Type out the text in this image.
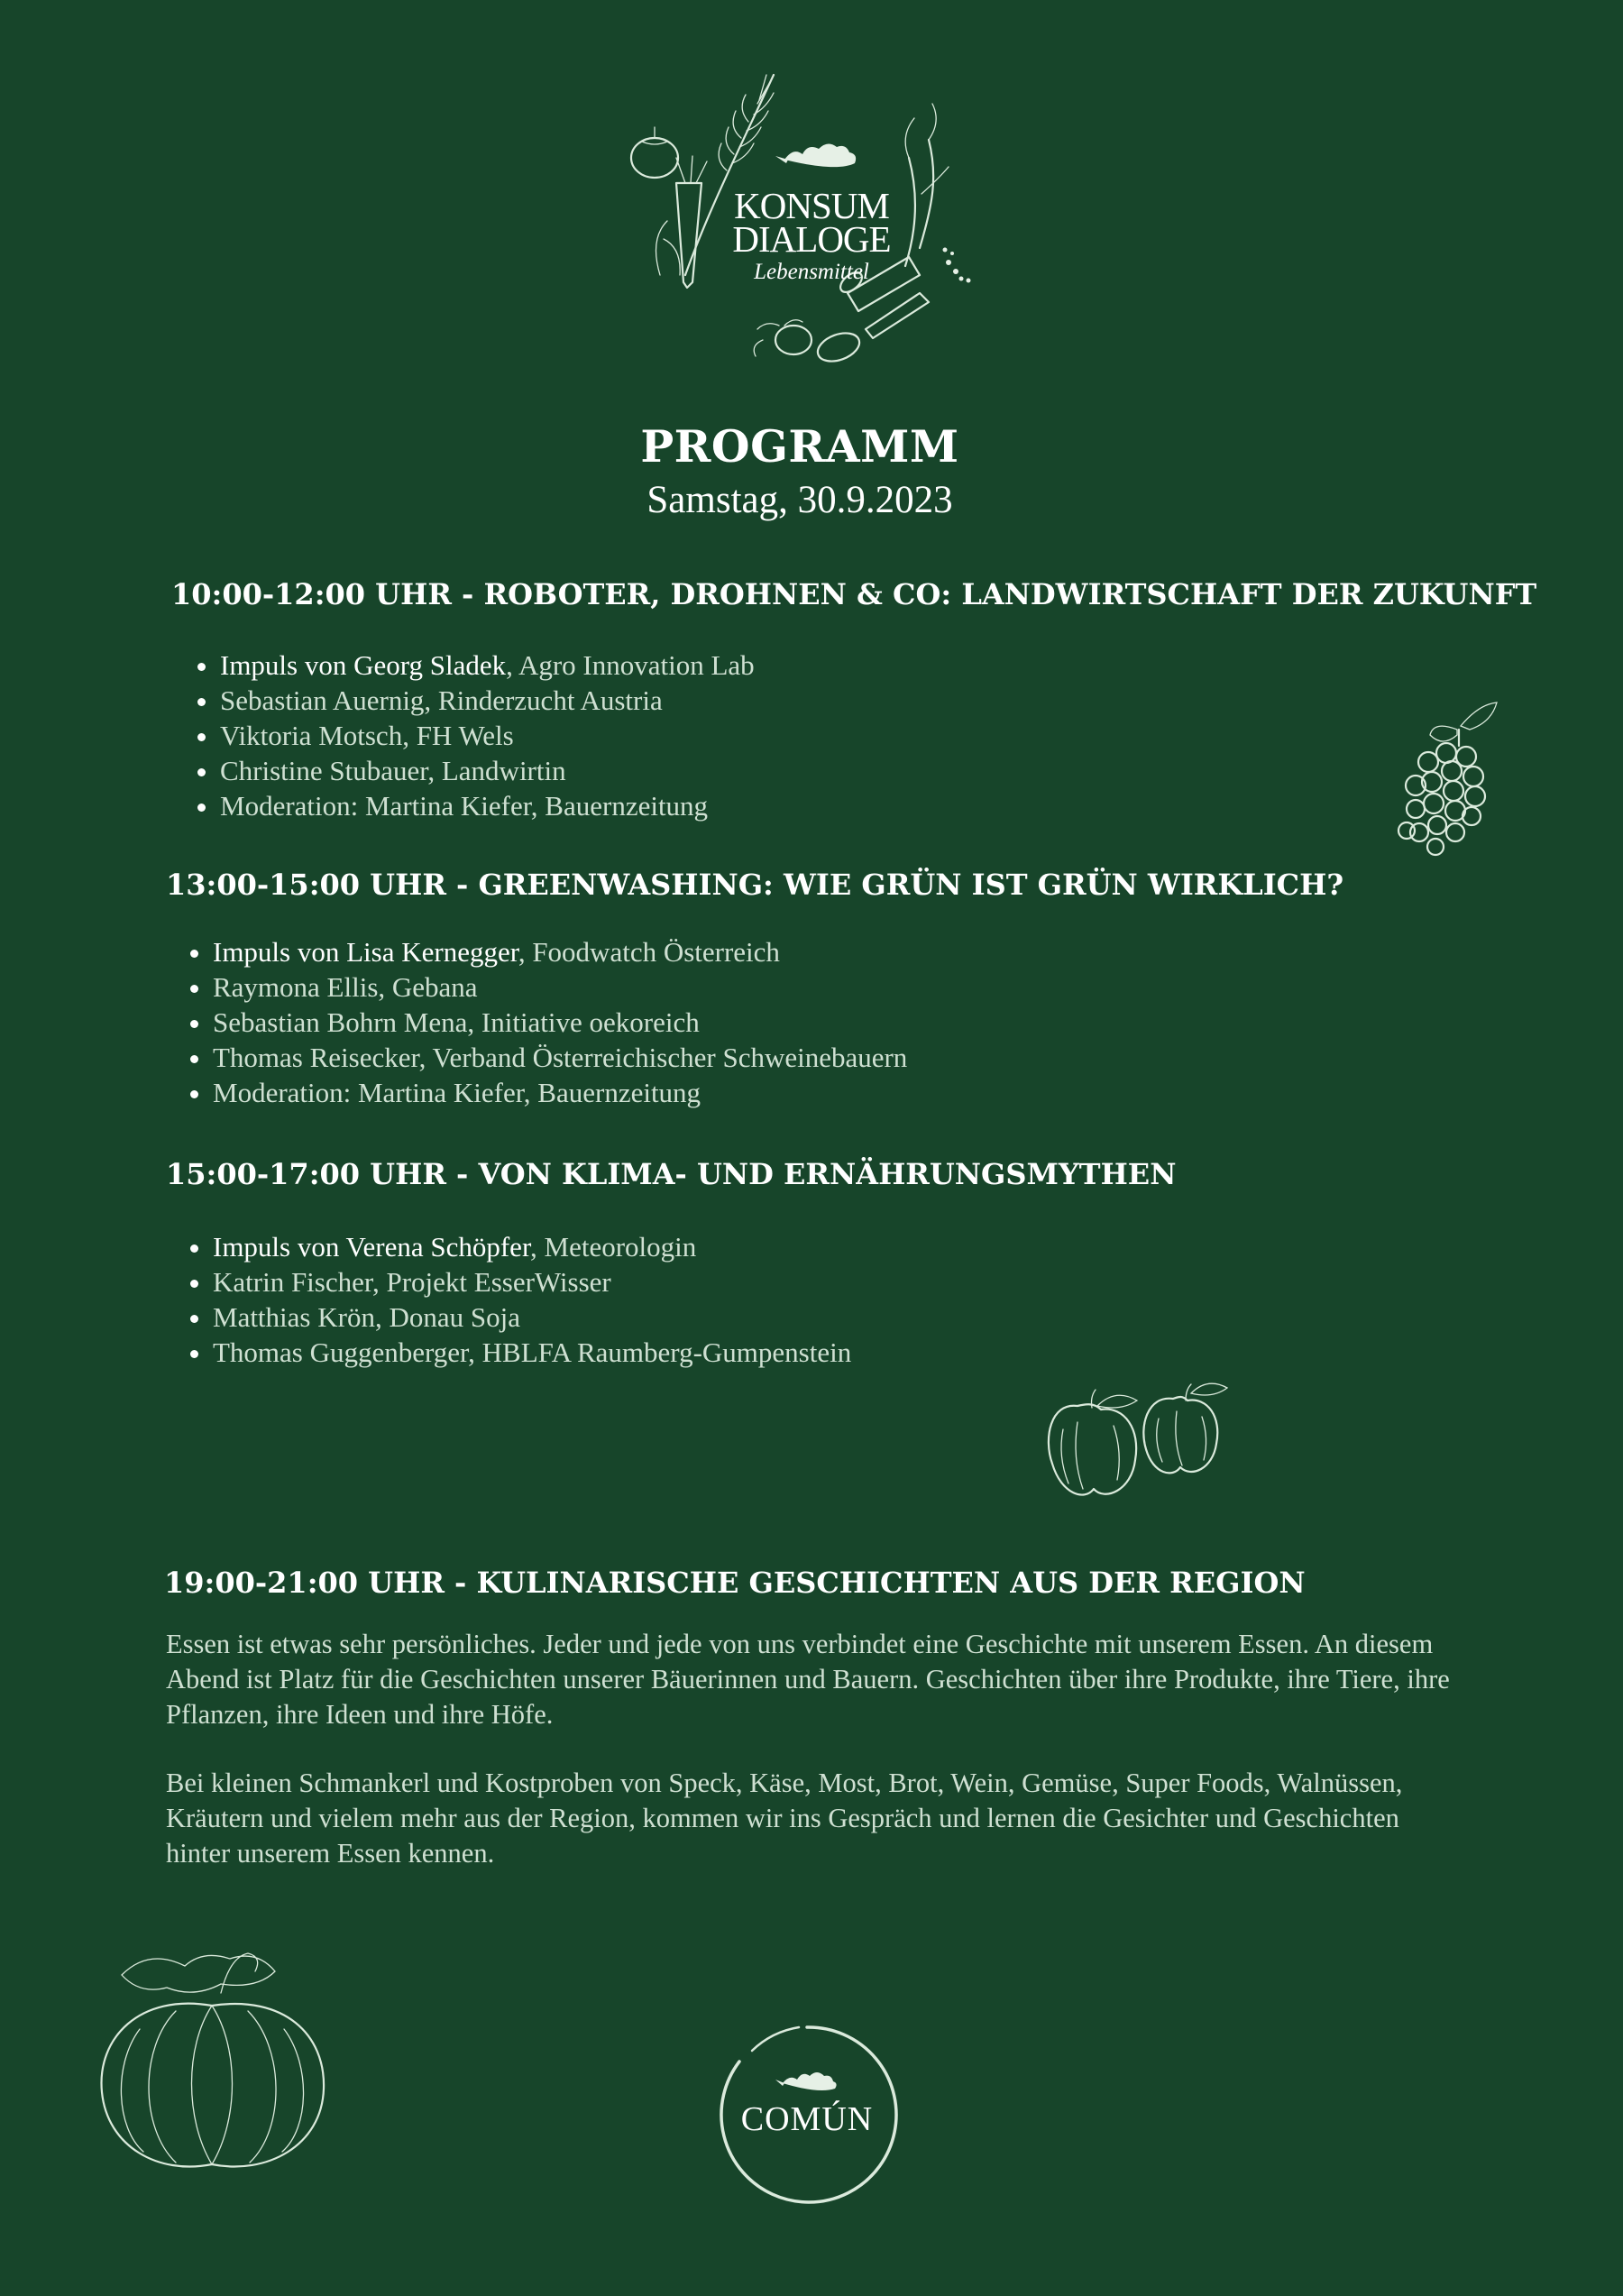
KONSUM
DIALOGE
Lebensmittel
PROGRAMM
Samstag, 30.9.2023
10:00-12:00 UHR - ROBOTER, DROHNEN & CO: LANDWIRTSCHAFT DER ZUKUNFT
• Impuls von Georg Sladek, Agro Innovation Lab
• Sebastian Auernig, Rinderzucht Austria
• Viktoria Motsch, FH Wels
• Christine Stubauer, Landwirtin
• Moderation: Martina Kiefer, Bauernzeitung
13:00-15:00 UHR - GREENWASHING: WIE GRÜN IST GRÜN WIRKLICH?
• Impuls von Lisa Kernegger, Foodwatch Österreich
• Raymona Ellis, Gebana
• Sebastian Bohrn Mena, Initiative oekoreich
• Thomas Reisecker, Verband Österreichischer Schweinebauern
• Moderation: Martina Kiefer, Bauernzeitung
15:00-17:00 UHR - VON KLIMA- UND ERNÄHRUNGSMYTHEN
• Impuls von Verena Schöpfer, Meteorologin
• Katrin Fischer, Projekt EsserWisser
• Matthias Krön, Donau Soja
• Thomas Guggenberger, HBLFA Raumberg-Gumpenstein
19:00-21:00 UHR - KULINARISCHE GESCHICHTEN AUS DER REGION

Essen ist etwas sehr persönliches. Jeder und jede von uns verbindet eine Geschichte mit unserem Essen. An diesem Abend ist Platz für die Geschichten unserer Bäuerinnen und Bauern. Geschichten über ihre Produkte, ihre Tiere, ihre Pflanzen, ihre Ideen und ihre Höfe.

Bei kleinen Schmankerl und Kostproben von Speck, Käse, Most, Brot, Wein, Gemüse, Super Foods, Walnüssen, Kräutern und vielem mehr aus der Region, kommen wir ins Gespräch und lernen die Gesichter und Geschichten hinter unserem Essen kennen.

COMÚN
